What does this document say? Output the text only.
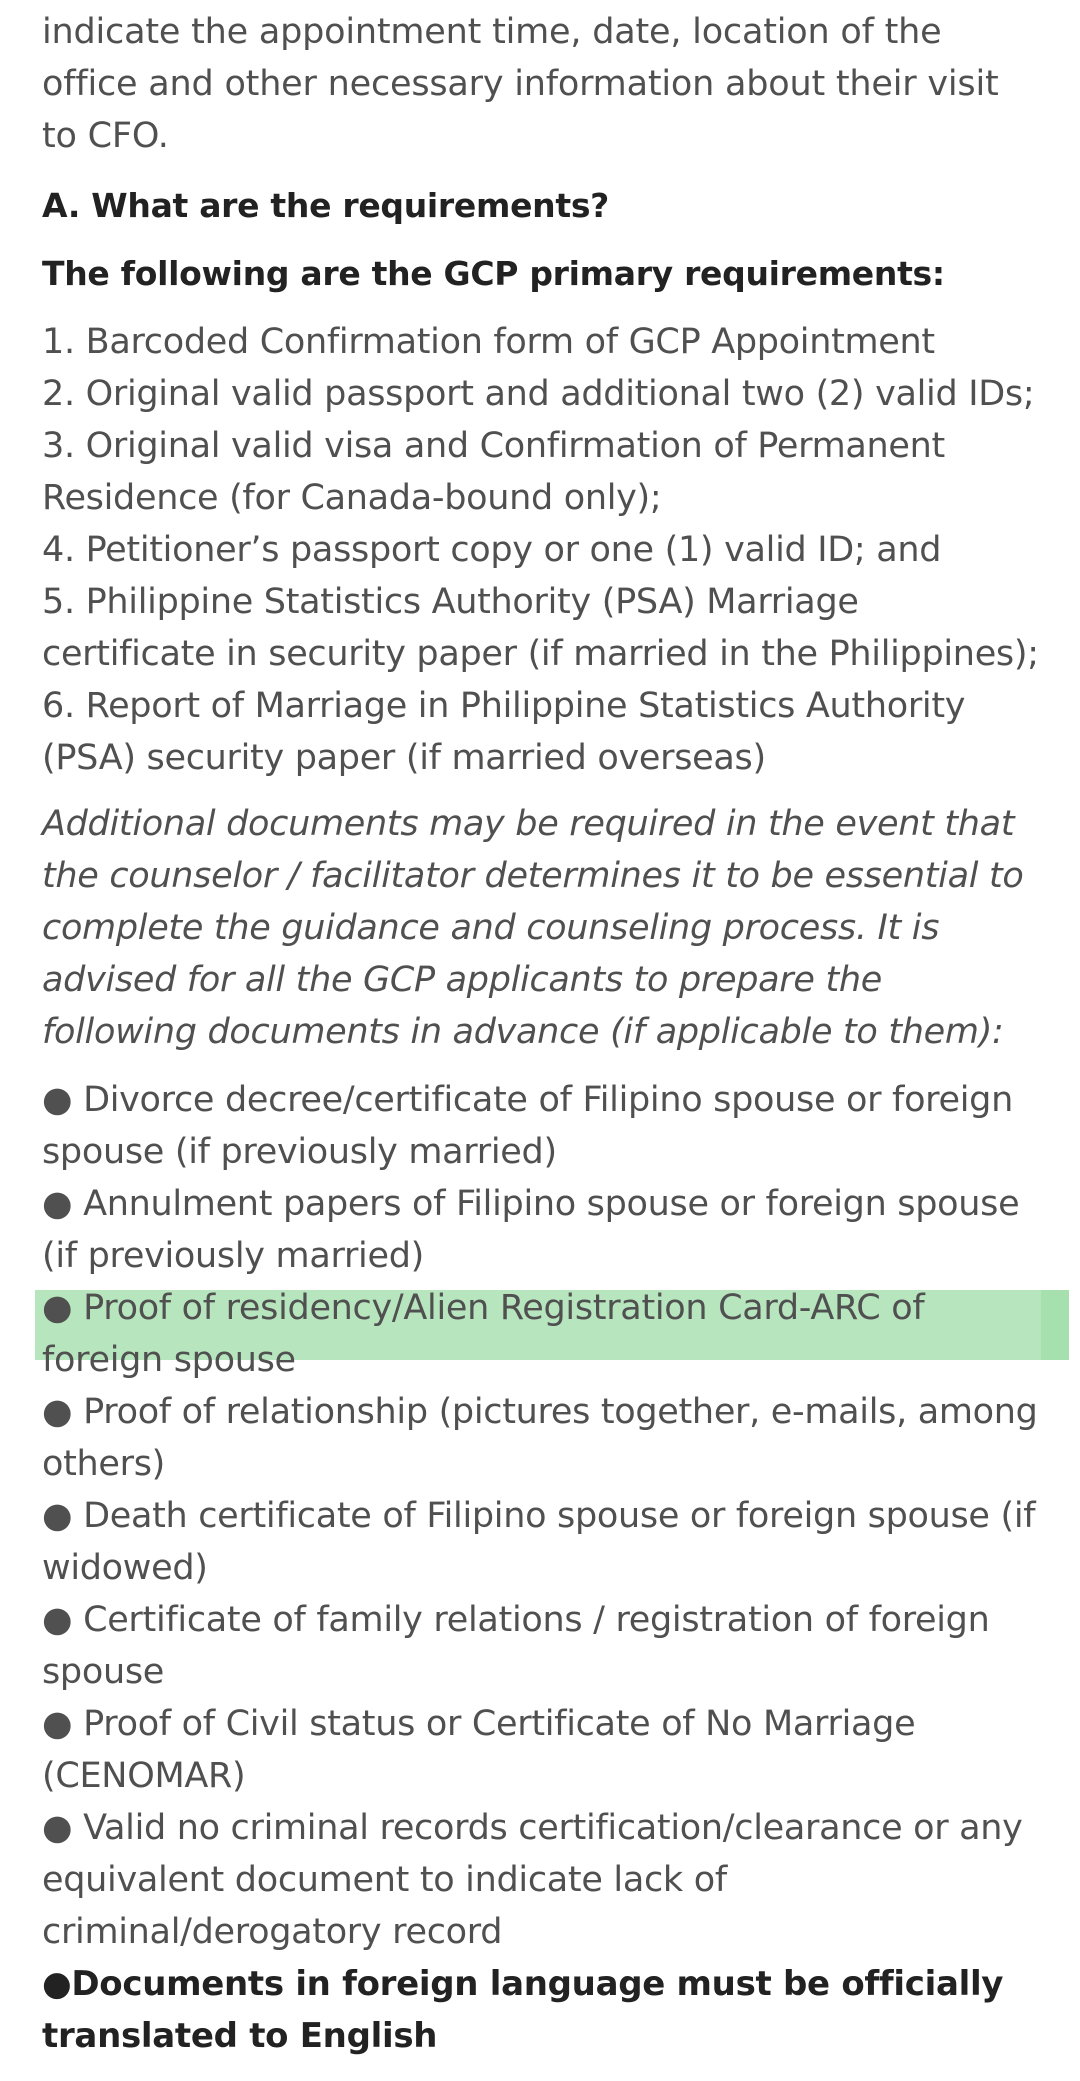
indicate the appointment time, date, location of the office and other necessary information about their visit to CFO.

A. What are the requirements?
The following are the GCP primary requirements:

1. Barcoded Confirmation form of GCP Appointment

2. Original valid passport and additional two (2) valid IDs;

3. Original valid visa and Confirmation of Permanent Residence (for Canada-bound only);

4. Petitioner’s passport copy or one (1) valid ID; and

5. Philippine Statistics Authority (PSA) Marriage certificate in security paper (if married in the Philippines);

6. Report of Marriage in Philippine Statistics Authority (PSA) security paper (if married overseas)

Additional documents may be required in the event that the counselor / facilitator determines it to be essential to complete the guidance and counseling process. It is advised for all the GCP applicants to prepare the following documents in advance (if applicable to them):

● Divorce decree/certificate of Filipino spouse or foreign spouse (if previously married)

● Annulment papers of Filipino spouse or foreign spouse (if previously married)

● Proof of residency/Alien Registration Card-ARC of foreign spouse

● Proof of relationship (pictures together, e-mails, among others)

● Death certificate of Filipino spouse or foreign spouse (if widowed)

● Certificate of family relations / registration of foreign spouse

● Proof of Civil status or Certificate of No Marriage (CENOMAR)

● Valid no criminal records certification/clearance or any equivalent document to indicate lack of criminal/derogatory record

●Documents in foreign language must be officially translated to English
